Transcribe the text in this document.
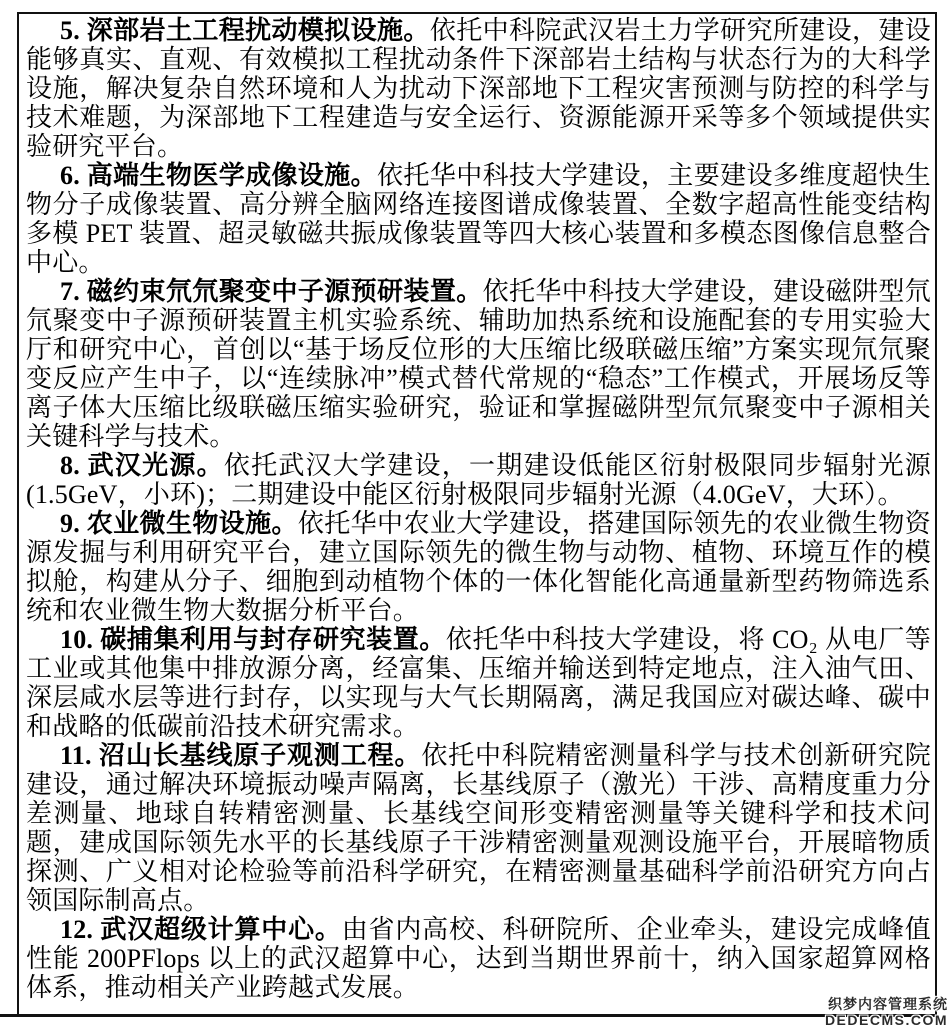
5. 深部岩土工程扰动模拟设施。依托中科院武汉岩土力学研究所建设，建设能够真实、直观、有效模拟工程扰动条件下深部岩土结构与状态行为的大科学设施，解决复杂自然环境和人为扰动下深部地下工程灾害预测与防控的科学与技术难题，为深部地下工程建造与安全运行、资源能源开采等多个领域提供实验研究平台。

6. 高端生物医学成像设施。依托华中科技大学建设，主要建设多维度超快生物分子成像装置、高分辨全脑网络连接图谱成像装置、全数字超高性能变结构多模 PET 装置、超灵敏磁共振成像装置等四大核心装置和多模态图像信息整合中心。

7. 磁约束氘氘聚变中子源预研装置。依托华中科技大学建设，建设磁阱型氘氘聚变中子源预研装置主机实验系统、辅助加热系统和设施配套的专用实验大厅和研究中心，首创以“基于场反位形的大压缩比级联磁压缩”方案实现氘氘聚变反应产生中子，以“连续脉冲”模式替代常规的“稳态”工作模式，开展场反等离子体大压缩比级联磁压缩实验研究，验证和掌握磁阱型氘氘聚变中子源相关关键科学与技术。

8. 武汉光源。依托武汉大学建设，一期建设低能区衍射极限同步辐射光源(1.5GeV，小环)；二期建设中能区衍射极限同步辐射光源（4.0GeV，大环）。

9. 农业微生物设施。依托华中农业大学建设，搭建国际领先的农业微生物资源发掘与利用研究平台，建立国际领先的微生物与动物、植物、环境互作的模拟舱，构建从分子、细胞到动植物个体的一体化智能化高通量新型药物筛选系统和农业微生物大数据分析平台。

10. 碳捕集利用与封存研究装置。依托华中科技大学建设，将 CO₂ 从电厂等工业或其他集中排放源分离，经富集、压缩并输送到特定地点，注入油气田、深层咸水层等进行封存，以实现与大气长期隔离，满足我国应对碳达峰、碳中和战略的低碳前沿技术研究需求。

11. 沼山长基线原子观测工程。依托中科院精密测量科学与技术创新研究院建设，通过解决环境振动噪声隔离，长基线原子（激光）干涉、高精度重力分差测量、地球自转精密测量、长基线空间形变精密测量等关键科学和技术问题，建成国际领先水平的长基线原子干涉精密测量观测设施平台，开展暗物质探测、广义相对论检验等前沿科学研究，在精密测量基础科学前沿研究方向占领国际制高点。

12. 武汉超级计算中心。由省内高校、科研院所、企业牵头，建设完成峰值性能 200PFlops 以上的武汉超算中心，达到当期世界前十，纳入国家超算网格体系，推动相关产业跨越式发展。

织梦内容管理系统
DEDECMS.COM
